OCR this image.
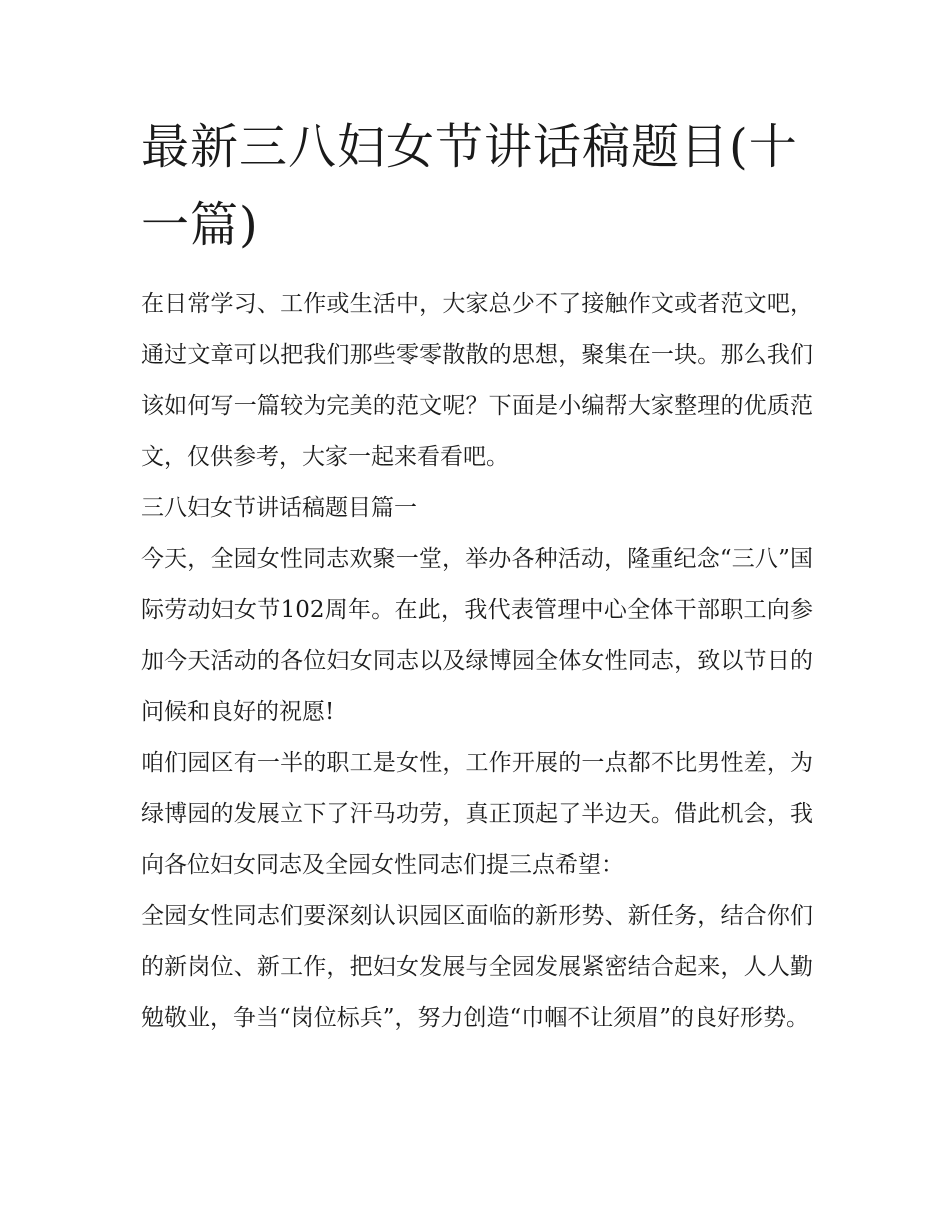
最新三八妇女节讲话稿题目(十一篇)

在日常学习、工作或生活中，大家总少不了接触作文或者范文吧，通过文章可以把我们那些零零散散的思想，聚集在一块。那么我们该如何写一篇较为完美的范文呢？下面是小编帮大家整理的优质范文，仅供参考，大家一起来看看吧。

三八妇女节讲话稿题目篇一

今天，全园女性同志欢聚一堂，举办各种活动，隆重纪念“三八”国际劳动妇女节102周年。在此，我代表管理中心全体干部职工向参加今天活动的各位妇女同志以及绿博园全体女性同志，致以节日的问候和良好的祝愿!

咱们园区有一半的职工是女性，工作开展的一点都不比男性差，为绿博园的发展立下了汗马功劳，真正顶起了半边天。借此机会，我向各位妇女同志及全园女性同志们提三点希望：

全园女性同志们要深刻认识园区面临的新形势、新任务，结合你们的新岗位、新工作，把妇女发展与全园发展紧密结合起来，人人勤勉敬业，争当“岗位标兵”，努力创造“巾帼不让须眉”的良好形势。
